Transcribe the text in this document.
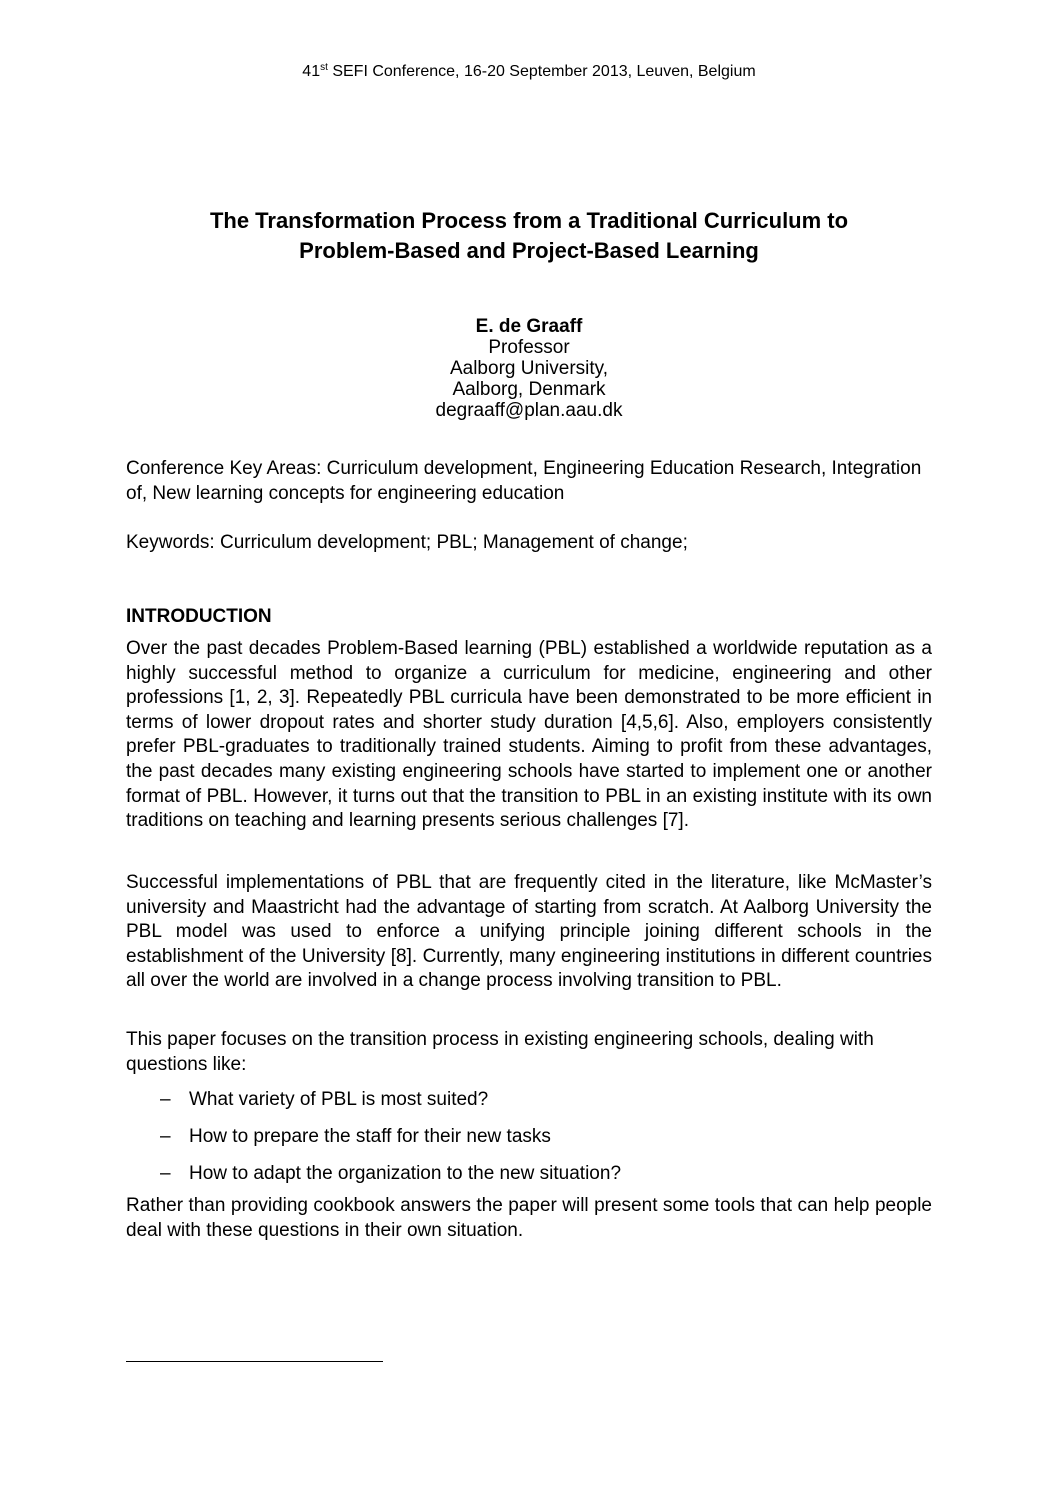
41st SEFI Conference, 16-20 September 2013, Leuven, Belgium
The Transformation Process from a Traditional Curriculum to
Problem-Based and Project-Based Learning
E. de Graaff
Professor
Aalborg University,
Aalborg, Denmark
degraaff@plan.aau.dk

Conference Key Areas: Curriculum development, Engineering Education Research, Integration of, New learning concepts for engineering education

Keywords: Curriculum development; PBL; Management of change;

INTRODUCTION

Over the past decades Problem-Based learning (PBL) established a worldwide reputation as a highly successful method to organize a curriculum for medicine, engineering and other professions [1, 2, 3]. Repeatedly PBL curricula have been demonstrated to be more efficient in terms of lower dropout rates and shorter study duration [4,5,6]. Also, employers consistently prefer PBL-graduates to traditionally trained students. Aiming to profit from these advantages, the past decades many existing engineering schools have started to implement one or another format of PBL. However, it turns out that the transition to PBL in an existing institute with its own traditions on teaching and learning presents serious challenges [7].

Successful implementations of PBL that are frequently cited in the literature, like McMaster’s university and Maastricht had the advantage of starting from scratch. At Aalborg University the PBL model was used to enforce a unifying principle joining different schools in the establishment of the University [8]. Currently, many engineering institutions in different countries all over the world are involved in a change process involving transition to PBL.

This paper focuses on the transition process in existing engineering schools, dealing with questions like:

– What variety of PBL is most suited?
– How to prepare the staff for their new tasks
– How to adapt the organization to the new situation?

Rather than providing cookbook answers the paper will present some tools that can help people deal with these questions in their own situation.
